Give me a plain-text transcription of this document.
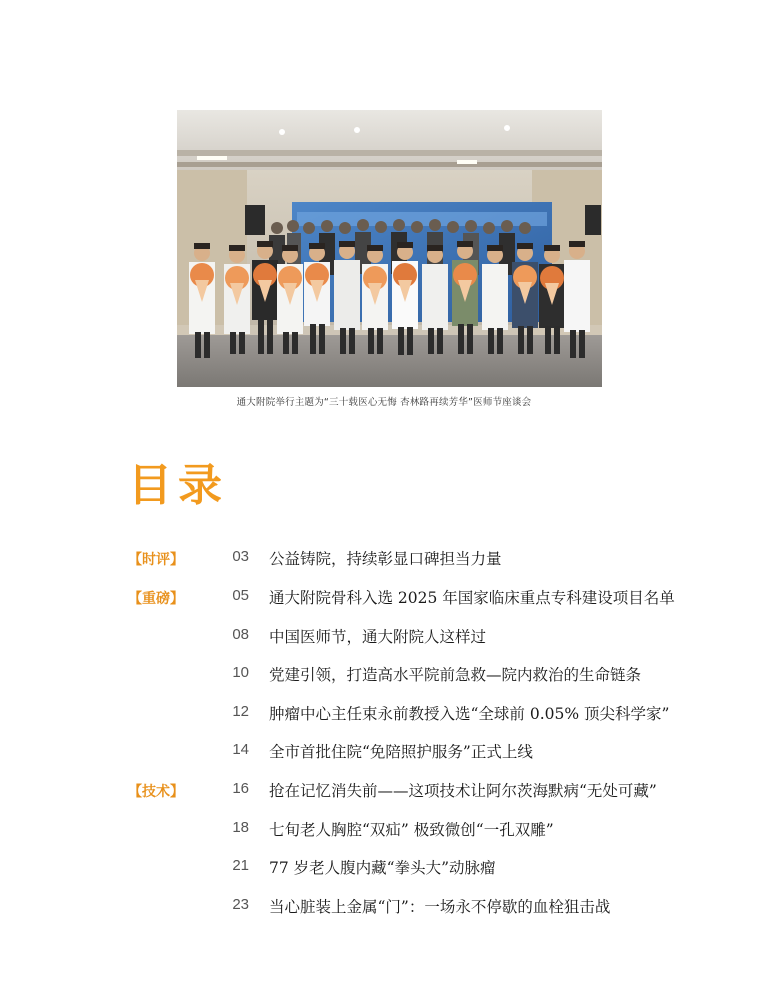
通大附院举行主题为“三十载医心无悔 杏林路再续芳华”医师节座谈会
目录
【时评】	03 公益铸院，持续彰显口碑担当力量
【重磅】	05 通大附院骨科入选 2025 年国家临床重点专科建设项目名单
08 中国医师节，通大附院人这样过
10 党建引领，打造高水平院前急救—院内救治的生命链条
12 肿瘤中心主任束永前教授入选“全球前 0.05% 顶尖科学家”
14 全市首批住院“免陪照护服务”正式上线
【技术】	16 抢在记忆消失前——这项技术让阿尔茨海默病“无处可藏”
18 七旬老人胸腔“双疝” 极致微创“一孔双雕”
21 77 岁老人腹内藏“拳头大”动脉瘤
23 当心脏装上金属“门”：一场永不停歇的血栓狙击战
